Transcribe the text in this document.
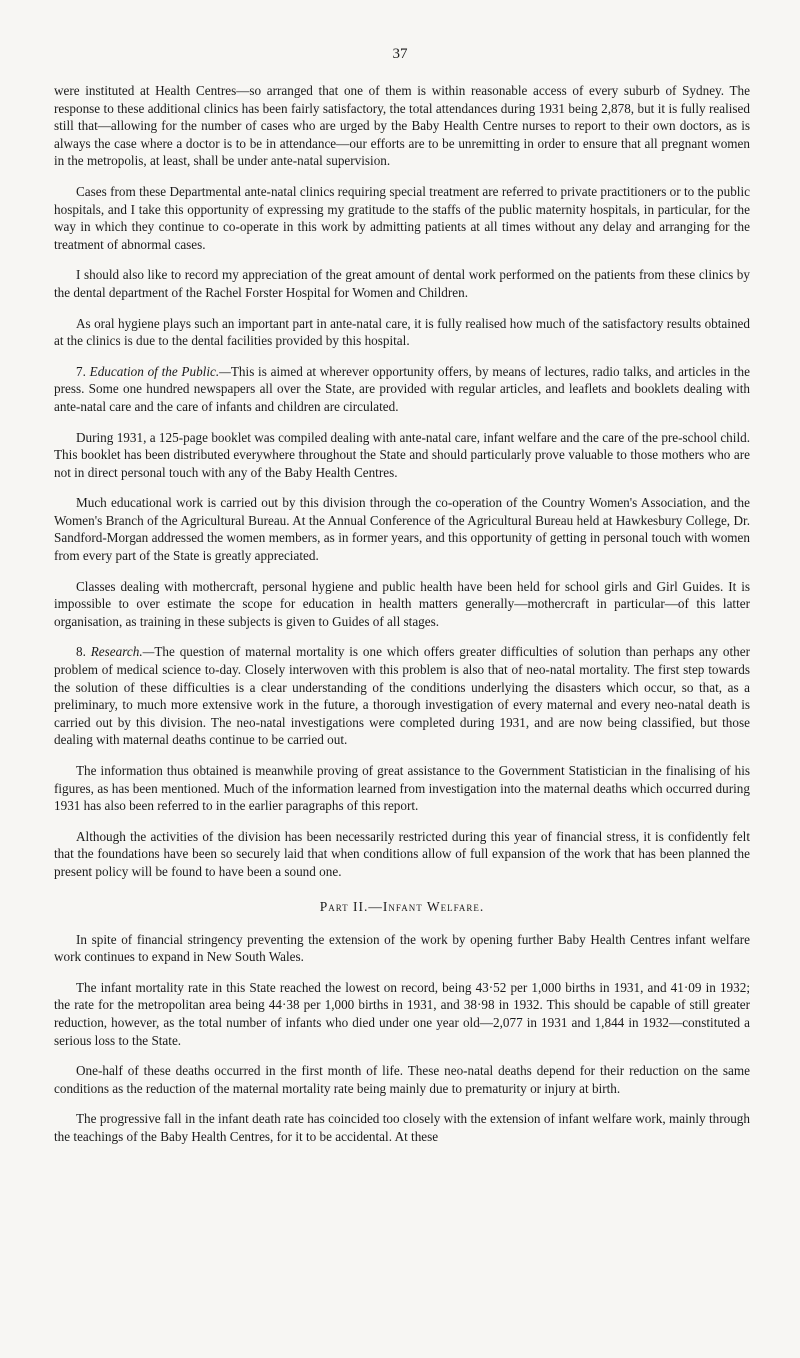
37

were instituted at Health Centres—so arranged that one of them is within reasonable access of every suburb of Sydney. The response to these additional clinics has been fairly satisfactory, the total attendances during 1931 being 2,878, but it is fully realised still that—allowing for the number of cases who are urged by the Baby Health Centre nurses to report to their own doctors, as is always the case where a doctor is to be in attendance—our efforts are to be unremitting in order to ensure that all pregnant women in the metropolis, at least, shall be under ante-natal supervision.

Cases from these Departmental ante-natal clinics requiring special treatment are referred to private practitioners or to the public hospitals, and I take this opportunity of expressing my gratitude to the staffs of the public maternity hospitals, in particular, for the way in which they continue to co-operate in this work by admitting patients at all times without any delay and arranging for the treatment of abnormal cases.

I should also like to record my appreciation of the great amount of dental work performed on the patients from these clinics by the dental department of the Rachel Forster Hospital for Women and Children.

As oral hygiene plays such an important part in ante-natal care, it is fully realised how much of the satisfactory results obtained at the clinics is due to the dental facilities provided by this hospital.

7. Education of the Public.—This is aimed at wherever opportunity offers, by means of lectures, radio talks, and articles in the press. Some one hundred newspapers all over the State, are provided with regular articles, and leaflets and booklets dealing with ante-natal care and the care of infants and children are circulated.

During 1931, a 125-page booklet was compiled dealing with ante-natal care, infant welfare and the care of the pre-school child. This booklet has been distributed everywhere throughout the State and should particularly prove valuable to those mothers who are not in direct personal touch with any of the Baby Health Centres.

Much educational work is carried out by this division through the co-operation of the Country Women's Association, and the Women's Branch of the Agricultural Bureau. At the Annual Conference of the Agricultural Bureau held at Hawkesbury College, Dr. Sandford-Morgan addressed the women members, as in former years, and this opportunity of getting in personal touch with women from every part of the State is greatly appreciated.

Classes dealing with mothercraft, personal hygiene and public health have been held for school girls and Girl Guides. It is impossible to over estimate the scope for education in health matters generally—mothercraft in particular—of this latter organisation, as training in these subjects is given to Guides of all stages.

8. Research.—The question of maternal mortality is one which offers greater difficulties of solution than perhaps any other problem of medical science to-day. Closely interwoven with this problem is also that of neo-natal mortality. The first step towards the solution of these difficulties is a clear understanding of the conditions underlying the disasters which occur, so that, as a preliminary, to much more extensive work in the future, a thorough investigation of every maternal and every neo-natal death is carried out by this division. The neo-natal investigations were completed during 1931, and are now being classified, but those dealing with maternal deaths continue to be carried out.

The information thus obtained is meanwhile proving of great assistance to the Government Statistician in the finalising of his figures, as has been mentioned. Much of the information learned from investigation into the maternal deaths which occurred during 1931 has also been referred to in the earlier paragraphs of this report.

Although the activities of the division has been necessarily restricted during this year of financial stress, it is confidently felt that the foundations have been so securely laid that when conditions allow of full expansion of the work that has been planned the present policy will be found to have been a sound one.

Part II.—Infant Welfare.

In spite of financial stringency preventing the extension of the work by opening further Baby Health Centres infant welfare work continues to expand in New South Wales.

The infant mortality rate in this State reached the lowest on record, being 43·52 per 1,000 births in 1931, and 41·09 in 1932; the rate for the metropolitan area being 44·38 per 1,000 births in 1931, and 38·98 in 1932. This should be capable of still greater reduction, however, as the total number of infants who died under one year old—2,077 in 1931 and 1,844 in 1932—constituted a serious loss to the State.

One-half of these deaths occurred in the first month of life. These neo-natal deaths depend for their reduction on the same conditions as the reduction of the maternal mortality rate being mainly due to prematurity or injury at birth.

The progressive fall in the infant death rate has coincided too closely with the extension of infant welfare work, mainly through the teachings of the Baby Health Centres, for it to be accidental. At these
